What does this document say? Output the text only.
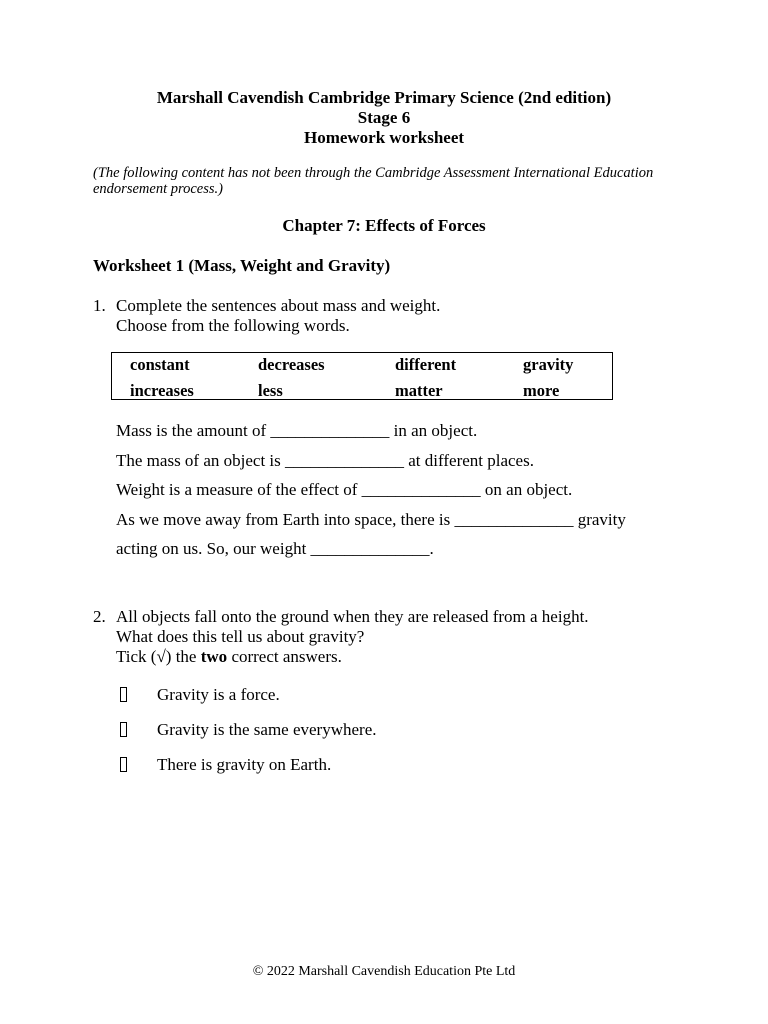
Marshall Cavendish Cambridge Primary Science (2nd edition)
Stage 6
Homework worksheet
(The following content has not been through the Cambridge Assessment International Education endorsement process.)
Chapter 7: Effects of Forces
Worksheet 1 (Mass, Weight and Gravity)
1. Complete the sentences about mass and weight.
Choose from the following words.
constant	decreases	different	gravity
increases	less	matter	more
Mass is the amount of ______________ in an object.
The mass of an object is ______________ at different places.
Weight is a measure of the effect of ______________ on an object.
As we move away from Earth into space, there is ______________ gravity
acting on us. So, our weight ______________.
2. All objects fall onto the ground when they are released from a height.
What does this tell us about gravity?
Tick (√) the two correct answers.
Gravity is a force.
Gravity is the same everywhere.
There is gravity on Earth.
© 2022 Marshall Cavendish Education Pte Ltd
